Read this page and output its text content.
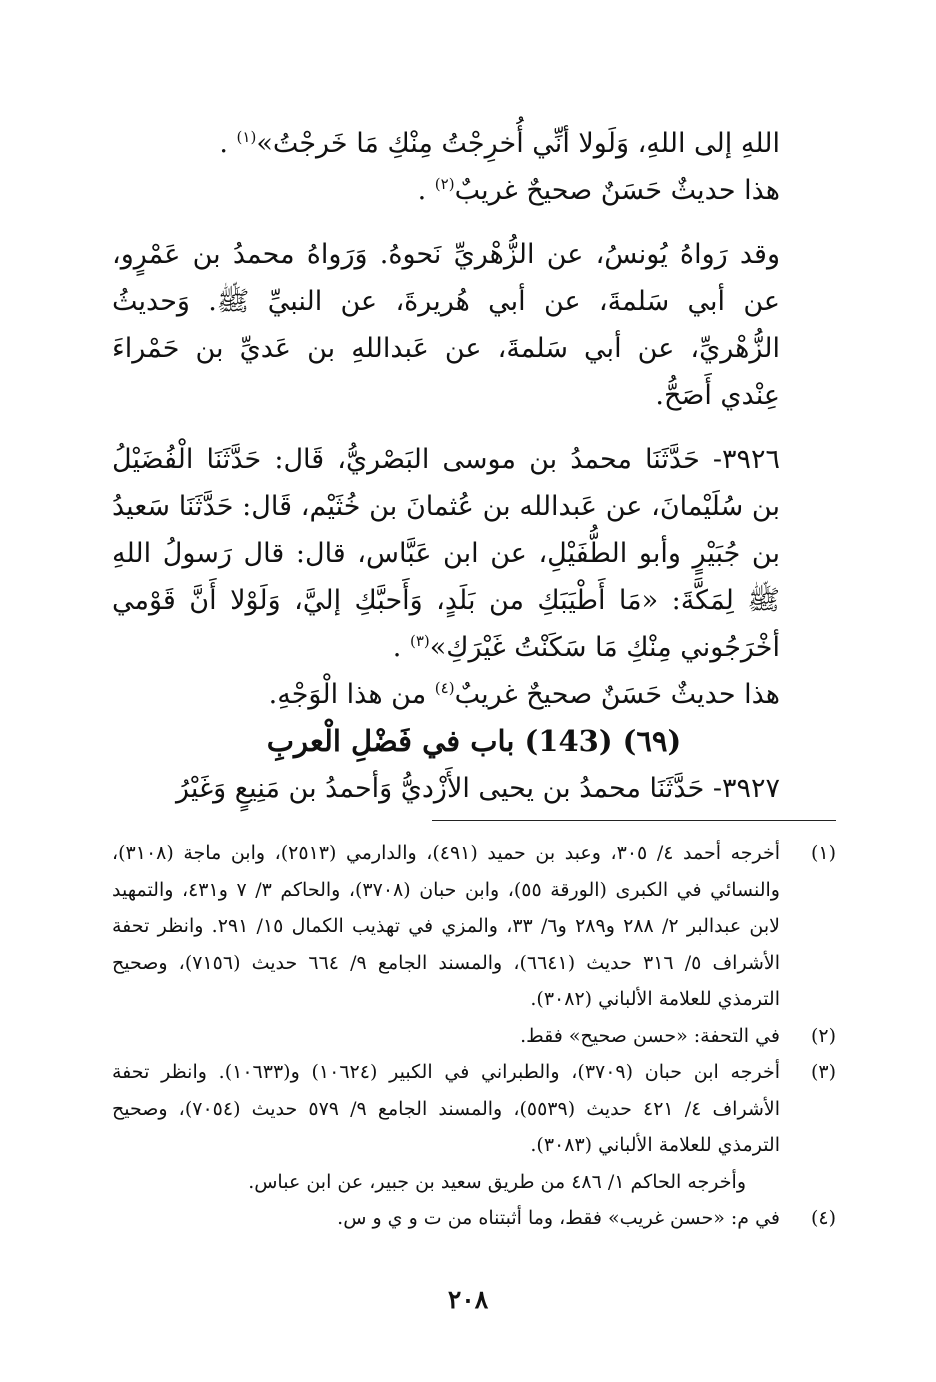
اللهِ إلى اللهِ، وَلَولا أنِّي أُخرِجْتُ مِنْكِ مَا خَرجْتُ»$^{(١)}$ .

هذا حديثٌ حَسَنٌ صحيحٌ غريبٌ$^{(٢)}$ .

وقد رَواهُ يُونسُ، عن الزُّهْريِّ نَحوهُ. وَرَواهُ محمدُ بن عَمْرٍو، عن أبي سَلمةَ، عن أبي هُريرةَ، عن النبيِّ ﷺ. وَحديثُ الزُّهْريِّ، عن أبي سَلمةَ، عن عَبداللهِ بن عَديِّ بن حَمْراءَ عِنْدي أَصَحُّ.

٣٩٢٦- حَدَّثَنَا محمدُ بن موسى البَصْريُّ، قَال: حَدَّثَنَا الْفُضَيْلُ بن سُلَيْمانَ، عن عَبدالله بن عُثمانَ بن خُثَيْم، قَال: حَدَّثَنَا سَعيدُ بن جُبَيْرٍ وأبو الطُّفَيْلِ، عن ابن عَبَّاس، قال: قال رَسولُ اللهِ ﷺ لِمَكَّةَ: «مَا أَطْيَبَكِ من بَلَدٍ، وَأَحبَّكِ إليَّ، وَلَوْلا أَنَّ قَوْمي أخْرَجُوني مِنْكِ مَا سَكَنْتُ غَيْرَكِ»$^{(٣)}$ .

هذا حديثٌ حَسَنٌ صحيحٌ غريبٌ$^{(٤)}$ من هذا الْوَجْهِ.

(٦٩) (143) باب في فَضْلِ الْعربِ

٣٩٢٧- حَدَّثَنَا محمدُ بن يحيى الأَزْديُّ وَأحمدُ بن مَنِيعٍ وَغَيْرُ

(١)
أخرجه أحمد ٤/ ٣٠٥، وعبد بن حميد (٤٩١)، والدارمي (٢٥١٣)، وابن ماجة (٣١٠٨)، والنسائي في الكبرى (الورقة ٥٥)، وابن حبان (٣٧٠٨)، والحاكم ٣/ ٧ و٤٣١، والتمهيد لابن عبدالبر ٢/ ٢٨٨ و٢٨٩ و٦/ ٣٣، والمزي في تهذيب الكمال ١٥/ ٢٩١. وانظر تحفة الأشراف ٥/ ٣١٦ حديث (٦٦٤١)، والمسند الجامع ٩/ ٦٦٤ حديث (٧١٥٦)، وصحيح الترمذي للعلامة الألباني (٣٠٨٢).

(٢)
في التحفة: «حسن صحيح» فقط.

(٣)
أخرجه ابن حبان (٣٧٠٩)، والطبراني في الكبير (١٠٦٢٤) و(١٠٦٣٣). وانظر تحفة الأشراف ٤/ ٤٢١ حديث (٥٥٣٩)، والمسند الجامع ٩/ ٥٧٩ حديث (٧٠٥٤)، وصحيح الترمذي للعلامة الألباني (٣٠٨٣).

وأخرجه الحاكم ١/ ٤٨٦ من طريق سعيد بن جبير، عن ابن عباس.

(٤)
في م: «حسن غريب» فقط، وما أثبتناه من ت و ي و س.

٢٠٨
